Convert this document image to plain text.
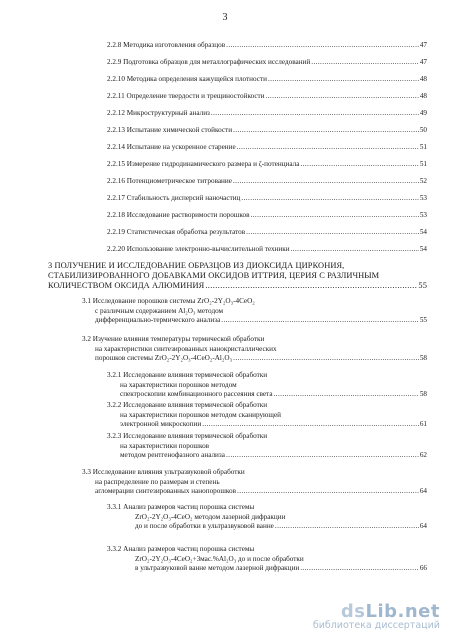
3
2.2.8 Методика изготовления образцов .....	47
2.2.9 Подготовка образцов для металлографических исследований .....	47
2.2.10 Методика определения кажущейся плотности .....	48
2.2.11 Определение твердости и трещиностойкости .....	48
2.2.12 Микроструктурный анализ .....	49
2.2.13 Испытание химической стойкости .....	50
2.2.14 Испытание на ускоренное старение .....	51
2.2.15 Измерение гидродинамического размера и ζ-потенциала .....	51
2.2.16 Потенциометрическое титрование .....	52
2.2.17 Стабильность дисперсий наночастиц .....	53
2.2.18 Исследование растворимости порошков .....	53
2.2.19 Статистическая обработка результатов .....	54
2.2.20 Использование электронно-вычислительной техники .....	54
3 ПОЛУЧЕНИЕ И ИССЛЕДОВАНИЕ ОБРАЗЦОВ ИЗ ДИОКСИДА ЦИРКОНИЯ,
СТАБИЛИЗИРОВАННОГО ДОБАВКАМИ ОКСИДОВ ИТТРИЯ, ЦЕРИЯ С РАЗЛИЧНЫМ
КОЛИЧЕСТВОМ ОКСИДА АЛЮМИНИЯ .....	55
3.1 Исследование порошков системы ZrO₂-2Y₂O₃-4CeO₂
с различным содержанием Al₂O₃ методом
дифференциально-термического анализа .....	55
3.2 Изучение влияния температуры термической обработки
на характеристики синтезированных нанокристаллических
порошков системы ZrO₂-2Y₂O₃-4CeO₂-Al₂O₃ .....	58
3.2.1 Исследование влияния термической обработки
на характеристики порошков методом
спектроскопии комбинационного рассеяния света .....	58
3.2.2 Исследование влияния термической обработки
на характеристики порошков методом сканирующей
электронной микроскопии .....	61
3.2.3 Исследование влияния термической обработки
на характеристики порошков
методом рентгенофазного анализа .....	62
3.3 Исследование влияния ультразвуковой обработки
на распределение по размерам и степень
агломерации синтезированных нанопорошков .....	64
3.3.1 Анализ размеров частиц порошка системы
ZrO₂-2Y₂O₃-4CeO₂ методом лазерной дифракции
до и после обработки в ультразвуковой ванне .....	64
3.3.2 Анализ размеров частиц порошка системы
ZrO₂-2Y₂O₃-4CeO₂+3мас.%Al₂O₃ до и после обработки
в ультразвуковой ванне методом лазерной дифракции .....	66
dsLib.net
библиотека диссертаций
